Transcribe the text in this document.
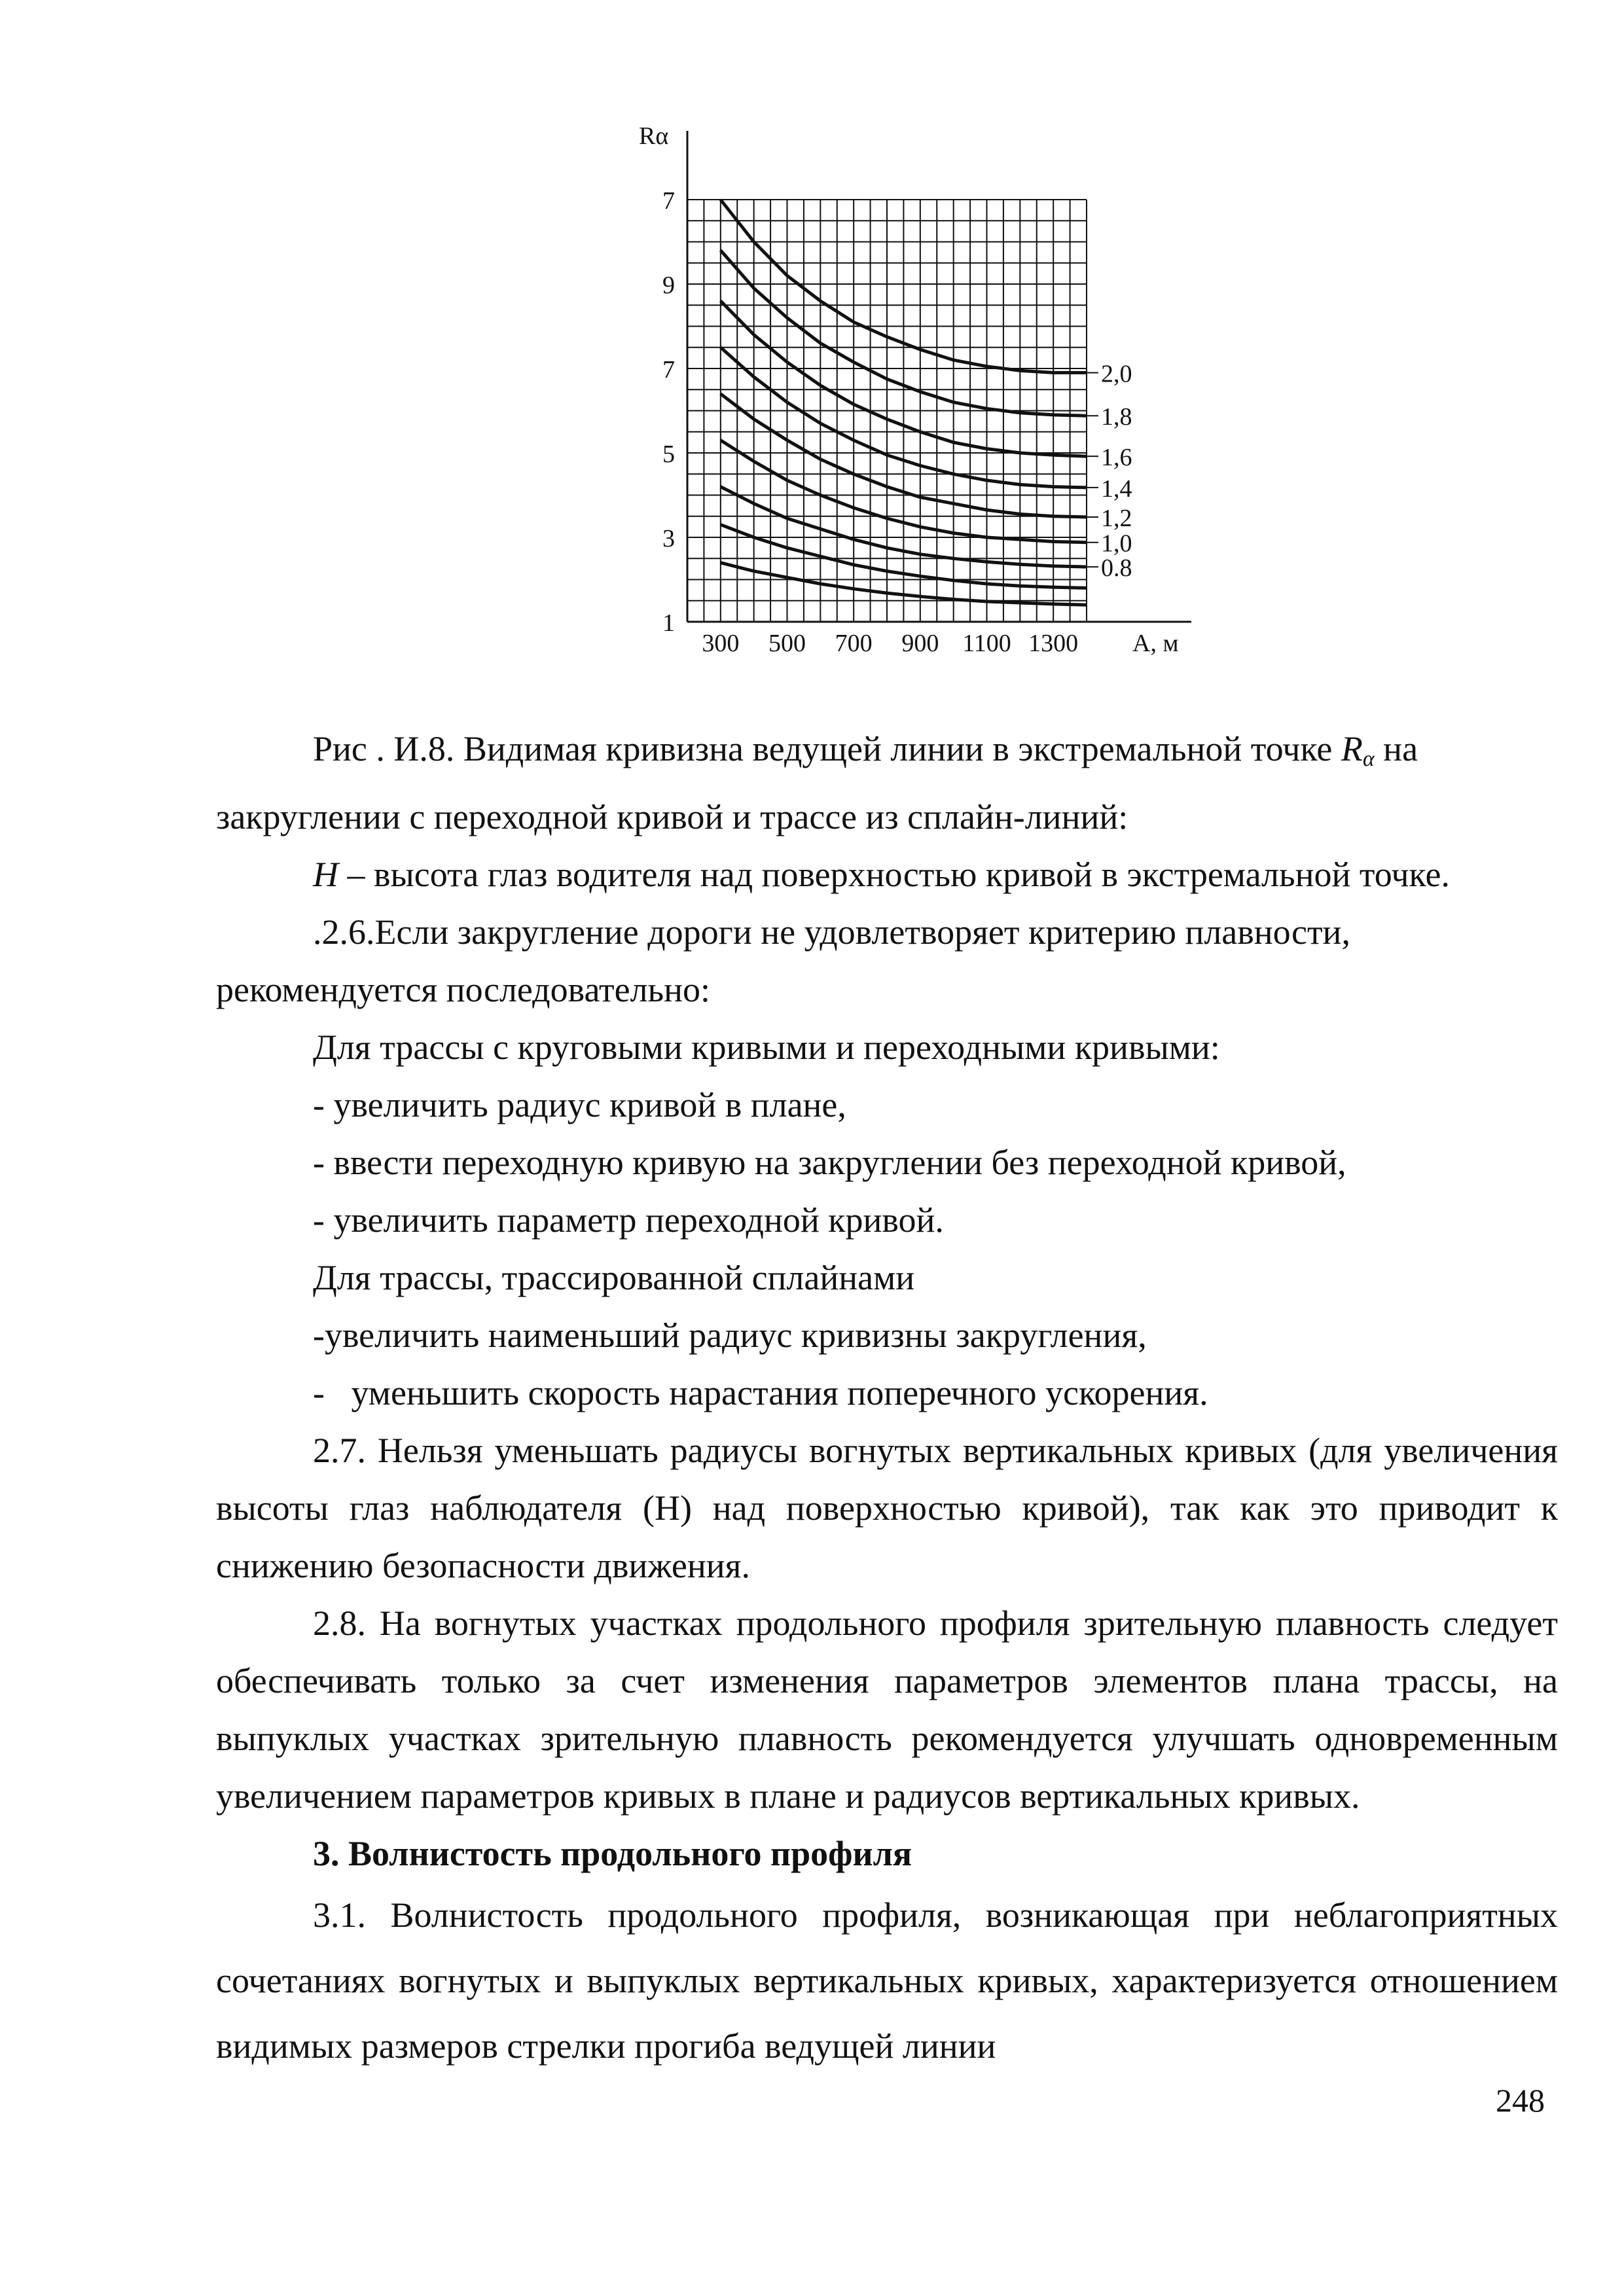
Rα
7
9
7
5
3
1
300 500 700 900 1100 1300 A, м
2,0
1,8
1,6
1,4
1,2
1,0
0.8

Рис . И.8. Видимая кривизна ведущей линии в экстремальной точке Rα на

закруглении с переходной кривой и трассе из сплайн-линий:

H – высота глаз водителя над поверхностью кривой в экстремальной точке.

.2.6.Если закругление дороги не удовлетворяет критерию плавности, рекомендуется последовательно:

Для трассы с круговыми кривыми и переходными кривыми:

- увеличить радиус кривой в плане,

- ввести переходную кривую на закруглении без переходной кривой,

- увеличить параметр переходной кривой.

Для трассы, трассированной сплайнами

-увеличить наименьший радиус кривизны закругления,

-   уменьшить скорость нарастания поперечного ускорения.

2.7. Нельзя уменьшать радиусы вогнутых вертикальных кривых (для увеличения высоты глаз наблюдателя (Н) над поверхностью кривой), так как это приводит к снижению безопасности движения.

2.8. На вогнутых участках продольного профиля зрительную плавность следует обеспечивать только за счет изменения параметров элементов плана трассы, на выпуклых участках зрительную плавность рекомендуется улучшать одновременным увеличением параметров кривых в плане и радиусов вертикальных кривых.

3. Волнистость продольного профиля

3.1. Волнистость продольного профиля, возникающая при неблагоприятных сочетаниях вогнутых и выпуклых вертикальных кривых, характеризуется отношением видимых размеров стрелки прогиба ведущей линии

248
